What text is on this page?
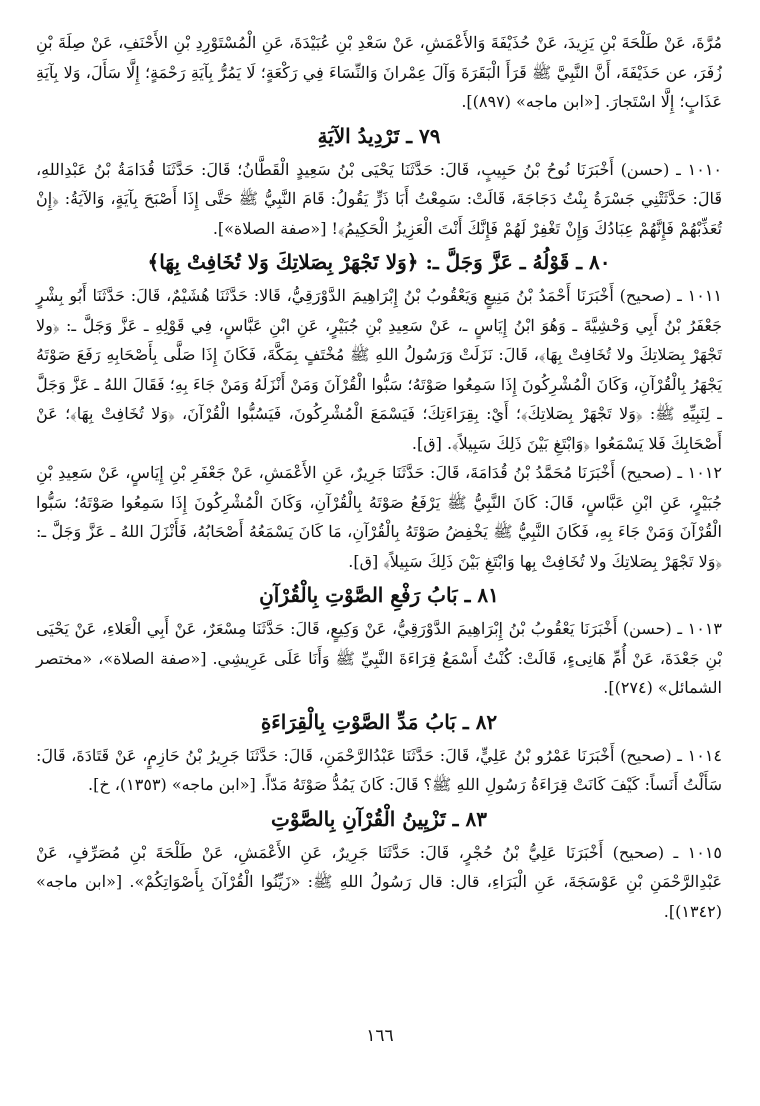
مُرَّةَ، عَنْ طَلْحَةَ بْنِ يَزِيدَ، عَنْ حُذَيْفَةَ وَالأَعْمَشِ، عَنْ سَعْدِ بْنِ عُبَيْدَةَ، عَنِ الْمُسْتَوْرِدِ بْنِ الأَحْنَفِ، عَنْ صِلَةَ بْنِ زُفَرَ، عن حَذَيْفَةَ، أَنَّ النَّبِيَّ ﷺ قَرَأَ الْبَقَرَةَ وَآلَ عِمْرانَ وَالنِّسَاءَ فِي رَكْعَةٍ؛ لَا يَمُرُّ بِآيَةِ رَحْمَةٍ؛ إِلَّا سَأَلَ، وَلا بِآيَةِ عَذَابٍ؛ إِلَّا اسْتَجارَ. [«ابن ماجه» (٨٩٧)].

٧٩ ـ تَرْدِيدُ الآيَةِ

١٠١٠ ـ (حسن) أَخْبَرَنَا نُوحُ بْنُ حَبِيبٍ، قَالَ: حَدَّثَنَا يَحْيَى بْنُ سَعِيدٍ الْقَطَّانُ؛ قَالَ: حَدَّثَنَا قُدَامَةُ بْنُ عَبْدِاللهِ، قَالَ: حَدَّثَتْنِي جَسْرَةُ بِنْتُ دَجَاجَةَ، قَالَتْ: سَمِعْتُ أَبَا ذَرٍّ يَقُولُ: قَامَ النَّبِيُّ ﷺ حَتَّى إِذَا أَصْبَحَ بِآيَةٍ، وَالآيَةُ: ﴿إِنْ تُعَذِّبْهُمْ فَإِنَّهُمْ عِبَادُكَ وَإِنْ تَغْفِرْ لَهُمْ فَإِنَّكَ أَنْتَ الْعَزِيزُ الْحَكِيمُ﴾! [«صفة الصلاة»].

٨٠ ـ قَوْلُهُ ـ عَزَّ وَجَلَّ ـ: ﴿وَلا تَجْهَرْ بِصَلاتِكَ وَلا تُخَافِتْ بِهَا﴾

١٠١١ ـ (صحيح) أَخْبَرَنَا أَحْمَدُ بْنُ مَنِيعٍ وَيَعْقُوبُ بْنُ إِبْرَاهِيمَ الدَّوْرَقِيُّ، قَالا: حَدَّثَنَا هُشَيْمٌ، قَالَ: حَدَّثَنَا أَبُو بِشْرٍ جَعْفَرُ بْنُ أَبِي وَحْشِيَّةَ ـ وَهُوَ ابْنُ إِيَاسٍ ـ، عَنْ سَعِيدِ بْنِ جُبَيْرٍ، عَنِ ابْنِ عَبَّاسٍ، فِي قَوْلِهِ ـ عَزَّ وَجَلَّ ـ: ﴿ولا تَجْهَرْ بِصَلاتِكَ ولا تُخَافِتْ بِهَا﴾، قَالَ: نَزَلَتْ وَرَسُولُ اللهِ ﷺ مُخْتَفٍ بِمَكَّةَ، فَكَانَ إِذَا صَلَّى بِأَصْحَابِهِ رَفَعَ صَوْتَهُ يَجْهَرُ بِالْقُرْآنِ، وَكَانَ الْمُشْرِكُونَ إِذَا سَمِعُوا صَوْتَهُ؛ سَبُّوا الْقُرْآنَ وَمَنْ أَنْزَلَهُ وَمَنْ جَاءَ بِهِ؛ فَقَالَ اللهُ ـ عَزَّ وَجَلَّ ـ لِنَبِيِّهِ ﷺ: ﴿وَلا تَجْهَرْ بِصَلاتِكَ﴾؛ أَيْ: بِقِرَاءَتِكَ؛ فَيَسْمَعَ الْمُشْرِكُونَ، فَيَسُبُّوا الْقُرْآنَ، ﴿وَلا تُخَافِتْ بِهَا﴾؛ عَنْ أَصْحَابِكَ فَلا يَسْمَعُوا ﴿وَابْتَغِ بَيْنَ ذَلِكَ سَبِيلاً﴾. [ق].

١٠١٢ ـ (صحيح) أَخْبَرَنَا مُحَمَّدُ بْنُ قُدَامَةَ، قَالَ: حَدَّثَنَا جَرِيرٌ، عَنِ الأَعْمَشِ، عَنْ جَعْفَرِ بْنِ إِيَاسٍ، عَنْ سَعِيدِ بْنِ جُبَيْرٍ، عَنِ ابْنِ عَبَّاسٍ، قَالَ: كَانَ النَّبِيُّ ﷺ يَرْفَعُ صَوْتَهُ بِالْقُرْآنِ، وَكَانَ الْمُشْرِكُونَ إِذَا سَمِعُوا صَوْتَهُ؛ سَبُّوا الْقُرْآنَ وَمَنْ جَاءَ بِهِ، فَكَانَ النَّبِيُّ ﷺ يَخْفِضُ صَوْتَهُ بِالْقُرْآنِ، مَا كَانَ يَسْمَعُهُ أَصْحَابُهُ، فَأَنْزَلَ اللهُ ـ عَزَّ وَجَلَّ ـ: ﴿وَلا تَجْهَرْ بِصَلاتِكَ ولا تُخَافِتْ بِها وَابْتَغِ بَيْنَ ذَلِكَ سَبِيلاً﴾ [ق].

٨١ ـ بَابُ رَفْعِ الصَّوْتِ بِالْقُرْآنِ

١٠١٣ ـ (حسن) أَخْبَرَنَا يَعْقُوبُ بْنُ إِبْرَاهِيمَ الدَّوْرَقِيُّ، عَنْ وَكِيعٍ، قَالَ: حَدَّثَنَا مِسْعَرٌ، عَنْ أَبِي الْعَلاءِ، عَنْ يَحْيَى بْنِ جَعْدَةَ، عَنْ أُمِّ هَانِىءٍ، قَالَتْ: كُنْتُ أَسْمَعُ قِرَاءَةَ النَّبِيِّ ﷺ وَأَنَا عَلَى عَرِيشِي. [«صفة الصلاة»، «مختصر الشمائل» (٢٧٤)].

٨٢ ـ بَابُ مَدِّ الصَّوْتِ بِالْقِرَاءَةِ

١٠١٤ ـ (صحيح) أَخْبَرَنَا عَمْرُو بْنُ عَلِيٍّ، قَالَ: حَدَّثَنَا عَبْدُالرَّحْمَنِ، قَالَ: حَدَّثَنَا جَرِيرُ بْنُ حَازِمٍ، عَنْ قَتَادَةَ، قَالَ: سَأَلْتُ أَنَساً: كَيْفَ كَانَتْ قِرَاءَةُ رَسُولِ اللهِ ﷺ؟ قَالَ: كَانَ يَمُدُّ صَوْتَهُ مَدّاً. [«ابن ماجه» (١٣٥٣)، خ].

٨٣ ـ تَزْيِينُ الْقُرْآنِ بِالصَّوْتِ

١٠١٥ ـ (صحيح) أَخْبَرَنَا عَلِيُّ بْنُ حُجْرٍ، قَالَ: حَدَّثَنَا جَرِيرٌ، عَنِ الأَعْمَشِ، عَنْ طَلْحَةَ بْنِ مُصَرِّفٍ، عَنْ عَبْدِالرَّحْمَنِ بْنِ عَوْسَجَةَ، عَنِ الْبَرَاءِ، قال: قال رَسُولُ اللهِ ﷺ: «زَيِّنُوا الْقُرْآنَ بِأَصْوَاتِكُمْ». [«ابن ماجه» (١٣٤٢)].

١٦٦
